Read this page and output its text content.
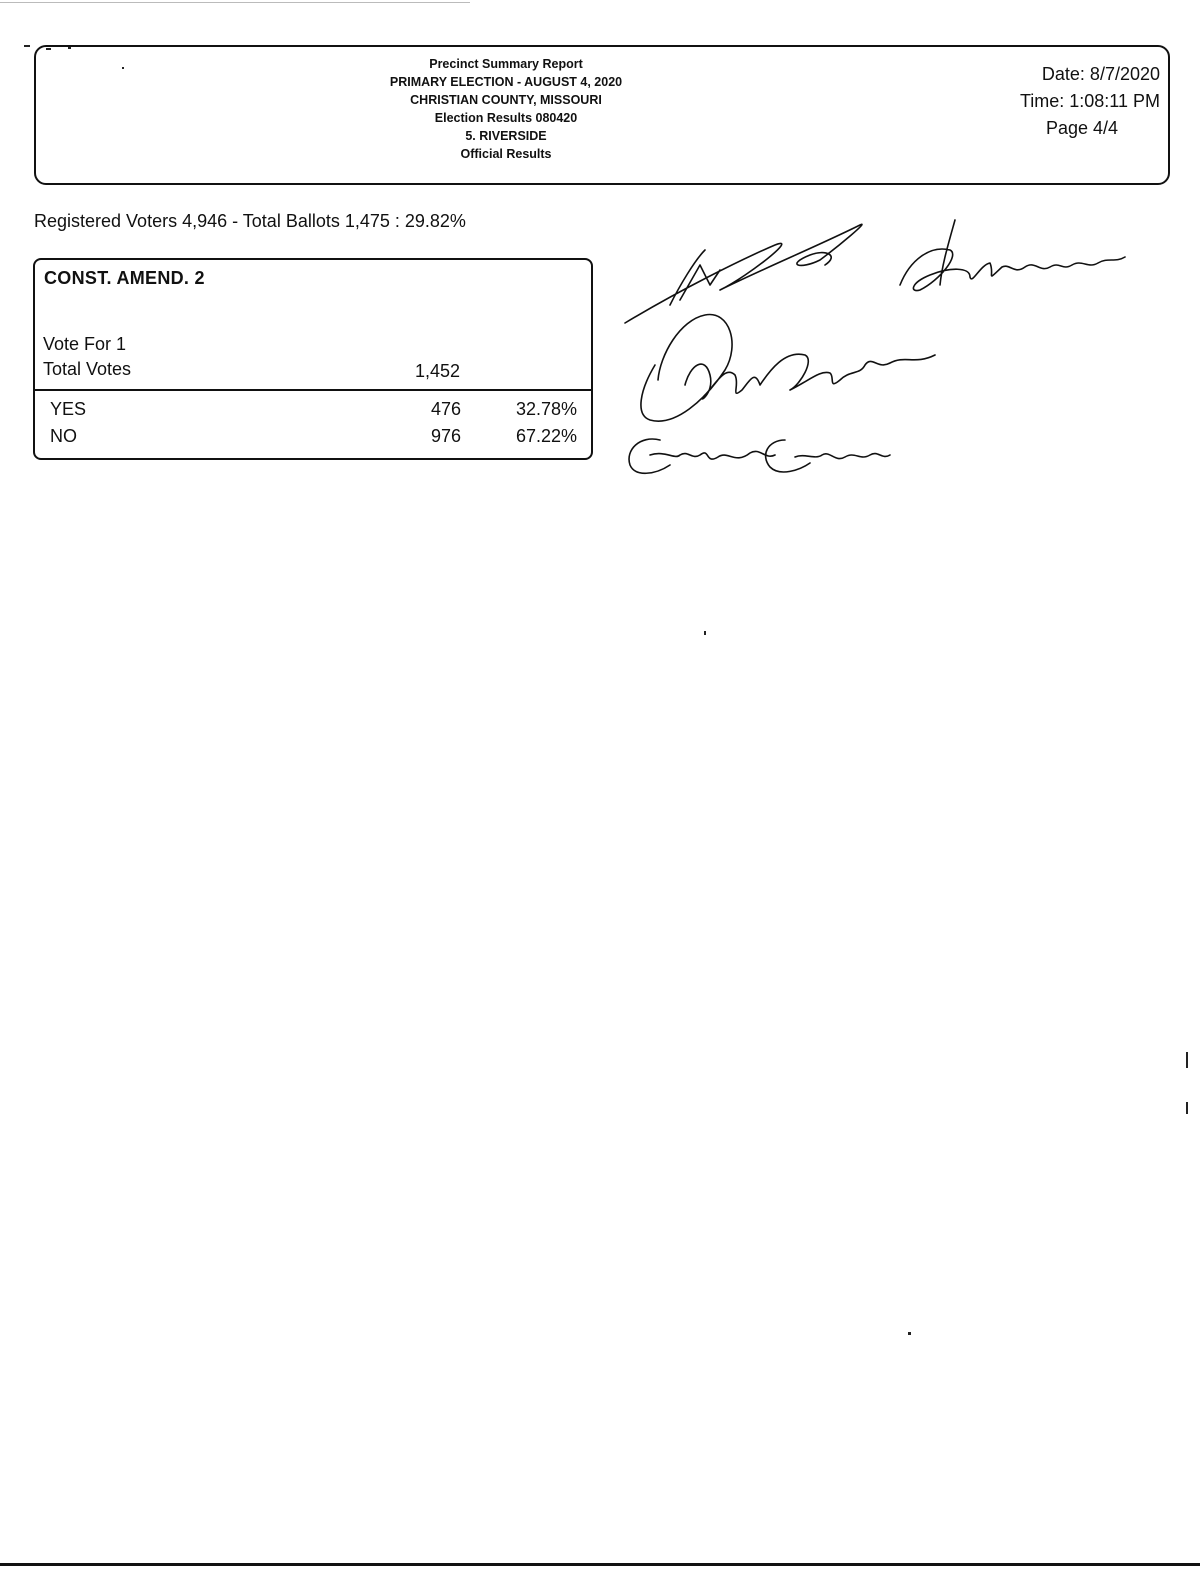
Precinct Summary Report
PRIMARY ELECTION - AUGUST 4, 2020
CHRISTIAN COUNTY, MISSOURI
Election Results 080420
5. RIVERSIDE
Official Results
Date: 8/7/2020
Time: 1:08:11 PM
Page 4/4
Registered Voters 4,946 - Total Ballots 1,475 : 29.82%
CONST. AMEND. 2
Vote For 1
Total Votes	1,452
YES	476	32.78%
NO	976	67.22%
